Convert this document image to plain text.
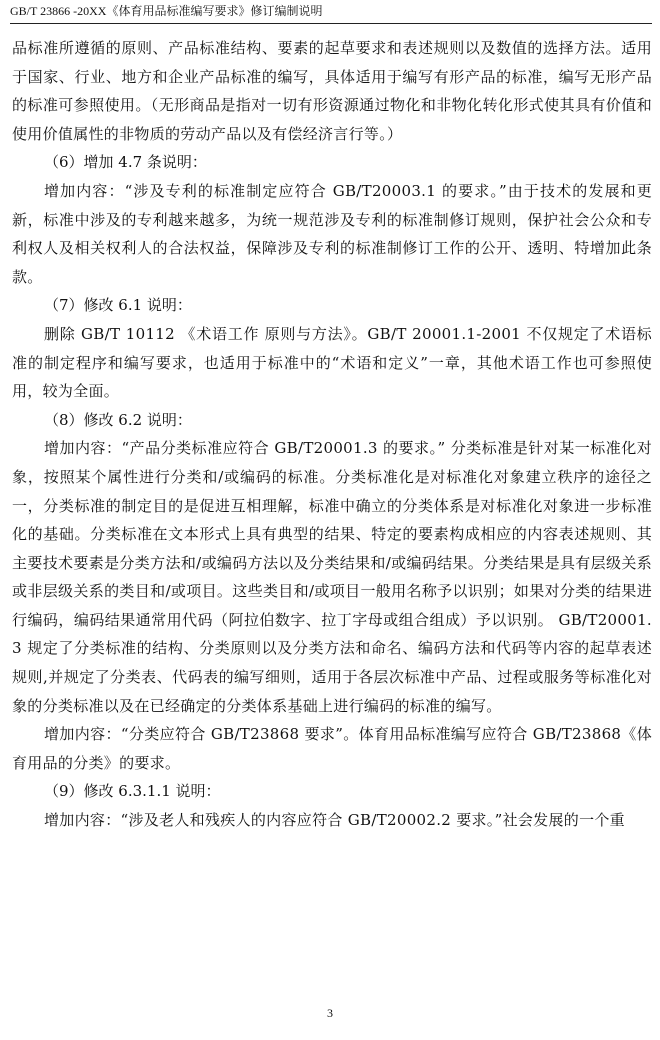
GB/T 23866 -20XX《体育用品标准编写要求》修订编制说明

品标准所遵循的原则、产品标准结构、要素的起草要求和表述规则以及数值的选择方法。适用于国家、行业、地方和企业产品标准的编写，具体适用于编写有形产品的标准，编写无形产品的标准可参照使用。（无形商品是指对一切有形资源通过物化和非物化转化形式使其具有价值和使用价值属性的非物质的劳动产品以及有偿经济言行等。）

（6）增加 4.7 条说明：

增加内容：“涉及专利的标准制定应符合 GB/T20003.1 的要求。”由于技术的发展和更新，标准中涉及的专利越来越多，为统一规范涉及专利的标准制修订规则，保护社会公众和专利权人及相关权利人的合法权益，保障涉及专利的标准制修订工作的公开、透明、特增加此条款。

（7）修改 6.1 说明：

删除 GB/T 10112 《术语工作 原则与方法》。GB/T 20001.1-2001 不仅规定了术语标准的制定程序和编写要求，也适用于标准中的“术语和定义”一章，其他术语工作也可参照使用，较为全面。

（8）修改 6.2 说明：

增加内容：“产品分类标准应符合 GB/T20001.3 的要求。” 分类标准是针对某一标准化对象，按照某个属性进行分类和/或编码的标准。分类标准化是对标准化对象建立秩序的途径之一，分类标准的制定目的是促进互相理解，标准中确立的分类体系是对标准化对象进一步标准化的基础。分类标准在文本形式上具有典型的结果、特定的要素构成相应的内容表述规则、其主要技术要素是分类方法和/或编码方法以及分类结果和/或编码结果。分类结果是具有层级关系或非层级关系的类目和/或项目。这些类目和/或项目一般用名称予以识别；如果对分类的结果进行编码，编码结果通常用代码（阿拉伯数字、拉丁字母或组合组成）予以识别。 GB/T20001.3 规定了分类标准的结构、分类原则以及分类方法和命名、编码方法和代码等内容的起草表述规则,并规定了分类表、代码表的编写细则，适用于各层次标准中产品、过程或服务等标准化对象的分类标准以及在已经确定的分类体系基础上进行编码的标准的编写。

增加内容：“分类应符合 GB/T23868 要求”。体育用品标准编写应符合 GB/T23868《体育用品的分类》的要求。

（9）修改 6.3.1.1 说明：

增加内容：“涉及老人和残疾人的内容应符合 GB/T20002.2 要求。”社会发展的一个重

3
